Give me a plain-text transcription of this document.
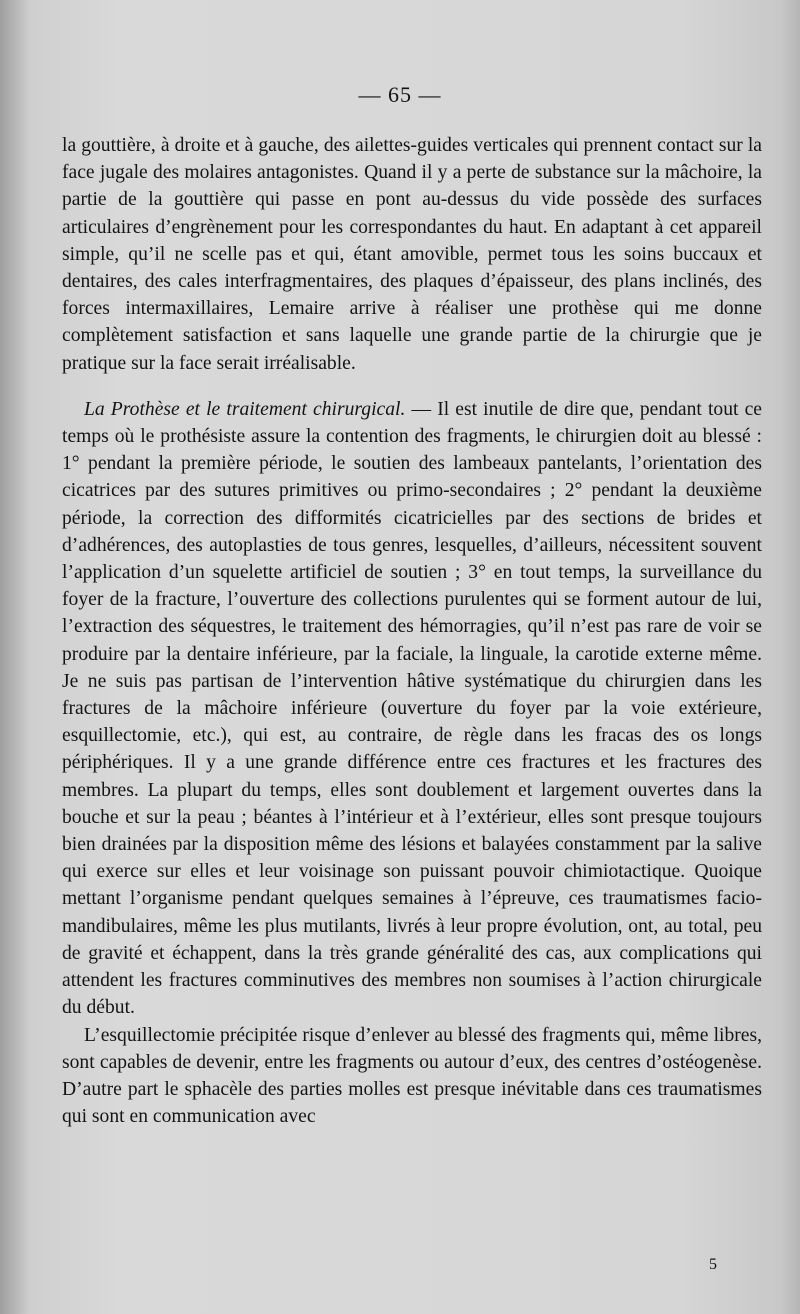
— 65 —

la gouttière, à droite et à gauche, des ailettes-guides verticales qui prennent contact sur la face jugale des molaires antagonistes. Quand il y a perte de substance sur la mâchoire, la partie de la gouttière qui passe en pont au-dessus du vide possède des surfaces articulaires d’engrènement pour les correspondantes du haut. En adaptant à cet appareil simple, qu’il ne scelle pas et qui, étant amovible, permet tous les soins buccaux et dentaires, des cales interfragmentaires, des plaques d’épaisseur, des plans inclinés, des forces intermaxillaires, Lemaire arrive à réaliser une prothèse qui me donne complètement satisfaction et sans laquelle une grande partie de la chirurgie que je pratique sur la face serait irréalisable.

La Prothèse et le traitement chirurgical. — Il est inutile de dire que, pendant tout ce temps où le prothésiste assure la contention des fragments, le chirurgien doit au blessé : 1° pendant la première période, le soutien des lambeaux pantelants, l’orientation des cicatrices par des sutures primitives ou primo-secondaires ; 2° pendant la deuxième période, la correction des difformités cicatricielles par des sections de brides et d’adhérences, des autoplasties de tous genres, lesquelles, d’ailleurs, nécessitent souvent l’application d’un squelette artificiel de soutien ; 3° en tout temps, la surveillance du foyer de la fracture, l’ouverture des collections purulentes qui se forment autour de lui, l’extraction des séquestres, le traitement des hémorragies, qu’il n’est pas rare de voir se produire par la dentaire inférieure, par la faciale, la linguale, la carotide externe même. Je ne suis pas partisan de l’intervention hâtive systématique du chirurgien dans les fractures de la mâchoire inférieure (ouverture du foyer par la voie extérieure, esquillectomie, etc.), qui est, au contraire, de règle dans les fracas des os longs périphériques. Il y a une grande différence entre ces fractures et les fractures des membres. La plupart du temps, elles sont doublement et largement ouvertes dans la bouche et sur la peau ; béantes à l’intérieur et à l’extérieur, elles sont presque toujours bien drainées par la disposition même des lésions et balayées constamment par la salive qui exerce sur elles et leur voisinage son puissant pouvoir chimiotactique. Quoique mettant l’organisme pendant quelques semaines à l’épreuve, ces traumatismes facio-mandibulaires, même les plus mutilants, livrés à leur propre évolution, ont, au total, peu de gravité et échappent, dans la très grande généralité des cas, aux complications qui attendent les fractures comminutives des membres non soumises à l’action chirurgicale du début.

L’esquillectomie précipitée risque d’enlever au blessé des fragments qui, même libres, sont capables de devenir, entre les fragments ou autour d’eux, des centres d’ostéogenèse. D’autre part le sphacèle des parties molles est presque inévitable dans ces traumatismes qui sont en communication avec

5
